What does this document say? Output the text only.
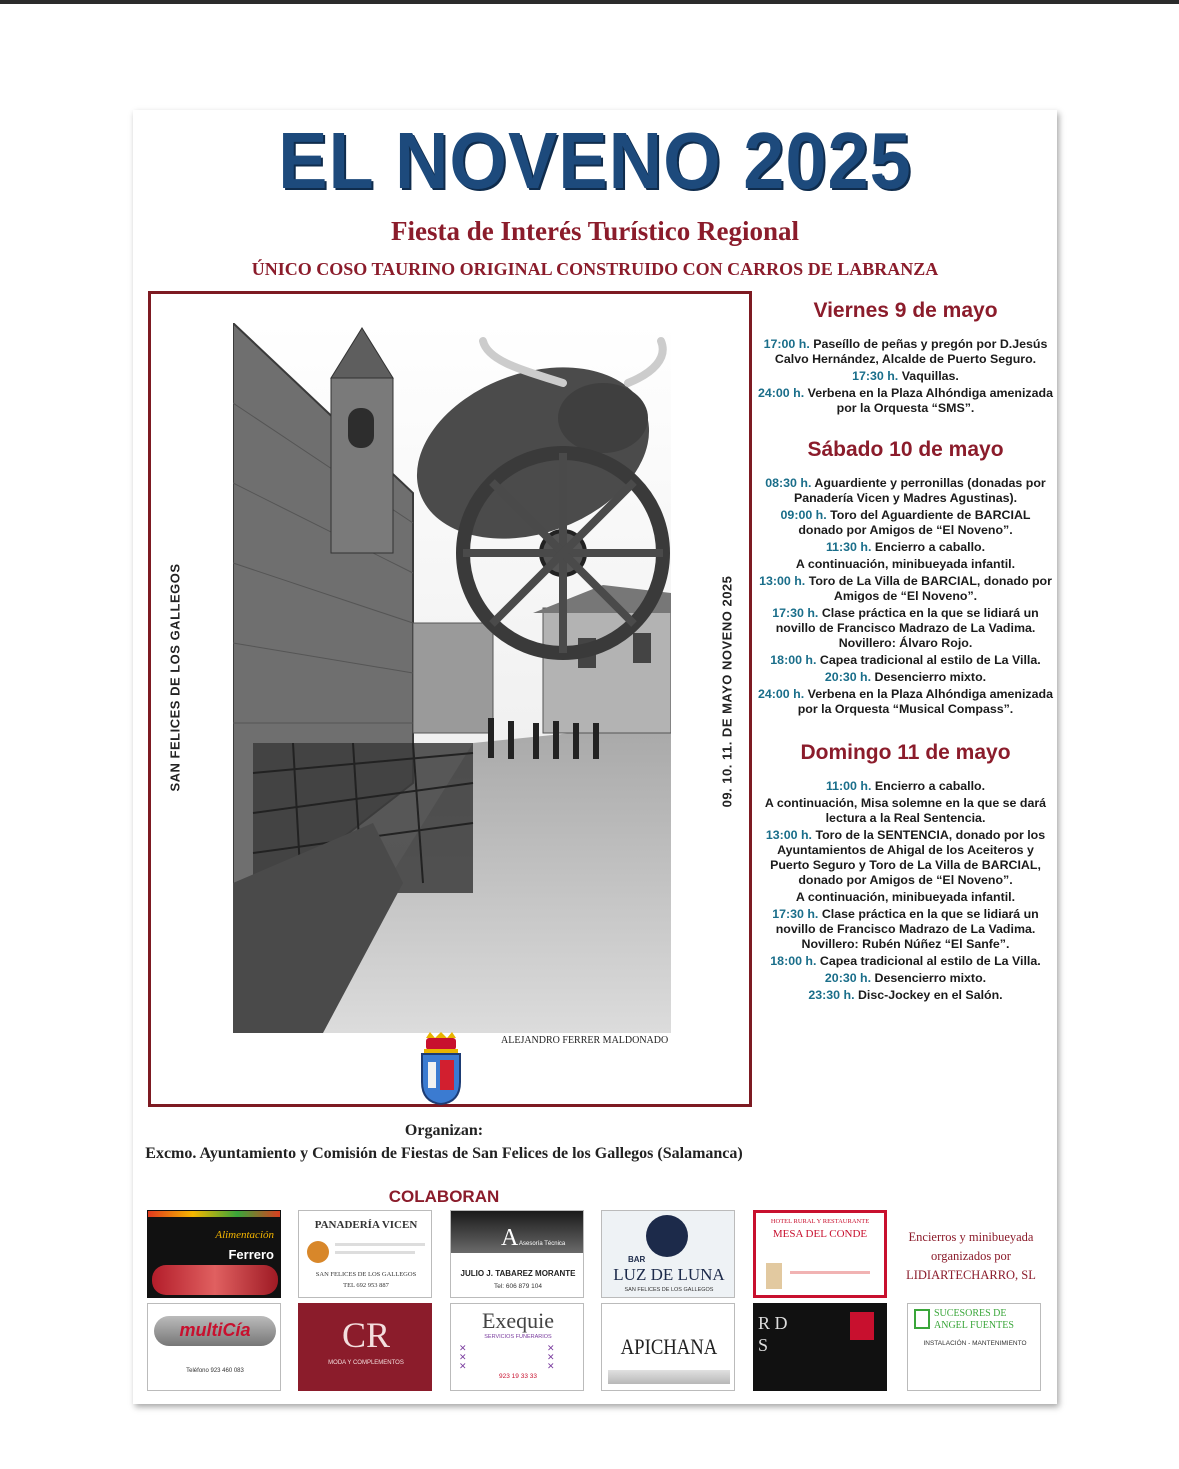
EL NOVENO 2025
Fiesta de Interés Turístico Regional
ÚNICO COSO TAURINO ORIGINAL CONSTRUIDO CON CARROS DE LABRANZA
SAN FELICES DE LOS GALLEGOS	09. 10. 11. DE MAYO NOVENO 2025
ALEJANDRO FERRER MALDONADO

Viernes 9 de mayo

17:00 h. Paseíllo de peñas y pregón por D.Jesús Calvo Hernández, Alcalde de Puerto Seguro.

17:30 h. Vaquillas.

24:00 h. Verbena en la Plaza Alhóndiga amenizada por la Orquesta “SMS”.

Sábado 10 de mayo

08:30 h. Aguardiente y perronillas (donadas por Panadería Vicen y Madres Agustinas).

09:00 h. Toro del Aguardiente de BARCIAL donado por Amigos de “El Noveno”.

11:30 h. Encierro a caballo.

A continuación, minibueyada infantil.

13:00 h. Toro de La Villa de BARCIAL, donado por Amigos de “El Noveno”.

17:30 h. Clase práctica en la que se lidiará un novillo de Francisco Madrazo de La Vadima. Novillero: Álvaro Rojo.

18:00 h. Capea tradicional al estilo de La Villa.

20:30 h. Desencierro mixto.

24:00 h. Verbena en la Plaza Alhóndiga amenizada por la Orquesta “Musical Compass”.

Domingo 11 de mayo

11:00 h. Encierro a caballo.

A continuación, Misa solemne en la que se dará lectura a la Real Sentencia.

13:00 h. Toro de la SENTENCIA, donado por los Ayuntamientos de Ahigal de los Aceiteros y Puerto Seguro y Toro de La Villa de BARCIAL, donado por Amigos de “El Noveno”.

A continuación, minibueyada infantil.

17:30 h. Clase práctica en la que se lidiará un novillo de Francisco Madrazo de La Vadima. Novillero: Rubén Núñez “El Sanfe”.

18:00 h. Capea tradicional al estilo de La Villa.

20:30 h. Desencierro mixto.

23:30 h. Disc-Jockey en el Salón.

Organizan:
Excmo. Ayuntamiento y Comisión de Fiestas de San Felices de los Gallegos (Salamanca)
COLABORAN
Alimentación
Ferrero
PANADERÍA VICEN
SAN FELICES DE LOS GALLEGOS
TEL 692 953 887
A Asesoría Técnica
JULIO J. TABAREZ MORANTE
Tel: 606 879 104
BAR
LUZ DE LUNA
SAN FELICES DE LOS GALLEGOS
HOTEL RURAL Y RESTAURANTE
MESA DEL CONDE	Encierros y minibueyada organizados por LIDIARTECHARRO, SL
multiCía
Teléfono 923 460 083
CR
MODA Y COMPLEMENTOS
Exequie
SERVICIOS FUNERARIOS
✕
✕
✕
✕
✕
✕
923 19 33 33
APICHANA
R D S
SUCESORES DE
ANGEL FUENTES
INSTALACIÓN - MANTENIMIENTO
